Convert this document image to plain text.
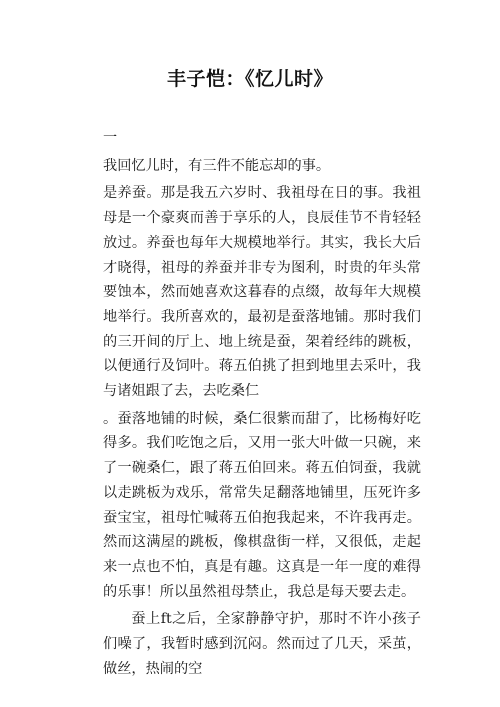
丰子恺：《忆儿时》

一

我回忆儿时，有三件不能忘却的事。

是养蚕。那是我五六岁时、我祖母在日的事。我祖母是一个豪爽而善于享乐的人，良辰佳节不肯轻轻放过。养蚕也每年大规模地举行。其实，我长大后才晓得，祖母的养蚕并非专为图利，时贵的年头常要蚀本，然而她喜欢这暮春的点缀，故每年大规模地举行。我所喜欢的，最初是蚕落地铺。那时我们的三开间的厅上、地上统是蚕，架着经纬的跳板，以便通行及饲叶。蒋五伯挑了担到地里去采叶，我与诸姐跟了去，去吃桑仁

。蚕落地铺的时候，桑仁很紫而甜了，比杨梅好吃得多。我们吃饱之后，又用一张大叶做一只碗，来了一碗桑仁，跟了蒋五伯回来。蒋五伯饲蚕，我就以走跳板为戏乐，常常失足翻落地铺里，压死许多蚕宝宝，祖母忙喊蒋五伯抱我起来，不许我再走。然而这满屋的跳板，像棋盘街一样，又很低，走起来一点也不怕，真是有趣。这真是一年一度的难得的乐事！所以虽然祖母禁止，我总是每天要去走。

蚕上ft之后，全家静静守护，那时不许小孩子们噪了，我暂时感到沉闷。然而过了几天，采茧，做丝，热闹的空
